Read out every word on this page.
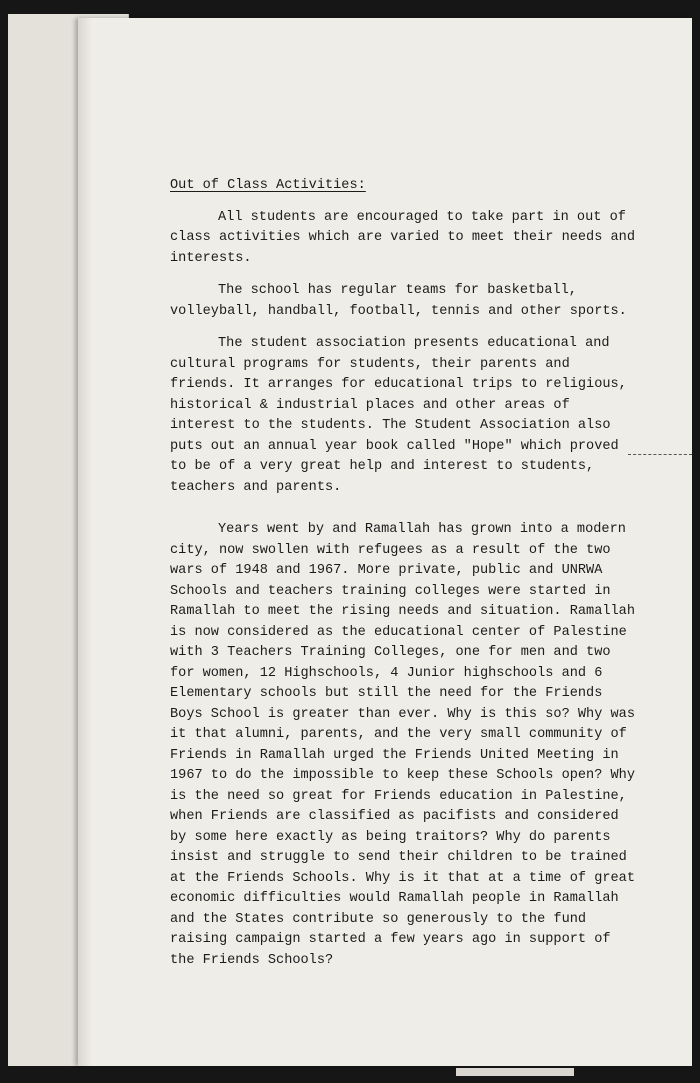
Out of Class Activities:

All students are encouraged to take part in out of class activities which are varied to meet their needs and interests.

The school has regular teams for basketball, volleyball, handball, football, tennis and other sports.

The student association presents educational and cultural programs for students, their parents and friends. It arranges for educational trips to religious, historical & industrial places and other areas of interest to the students. The Student Association also puts out an annual year book called "Hope" which proved to be of a very great help and interest to students, teachers and parents.

Years went by and Ramallah has grown into a modern city, now swollen with refugees as a result of the two wars of 1948 and 1967. More private, public and UNRWA Schools and teachers training colleges were started in Ramallah to meet the rising needs and situation. Ramallah is now considered as the educational center of Palestine with 3 Teachers Training Colleges, one for men and two for women, 12 Highschools, 4 Junior highschools and 6 Elementary schools but still the need for the Friends Boys School is greater than ever. Why is this so? Why was it that alumni, parents, and the very small community of Friends in Ramallah urged the Friends United Meeting in 1967 to do the impossible to keep these Schools open? Why is the need so great for Friends education in Palestine, when Friends are classified as pacifists and considered by some here exactly as being traitors? Why do parents insist and struggle to send their children to be trained at the Friends Schools. Why is it that at a time of great economic difficulties would Ramallah people in Ramallah and the States contribute so generously to the fund raising campaign started a few years ago in support of the Friends Schools?
